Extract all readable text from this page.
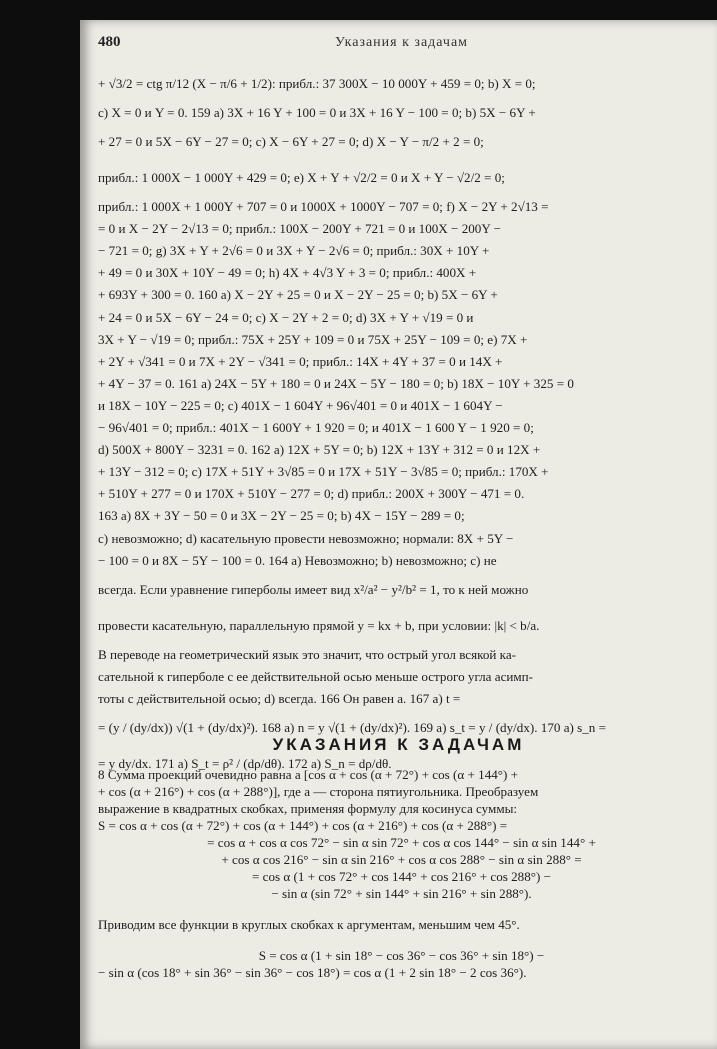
480	Указания к задачам
+ √3/2 = ctg π/12 (X − π/6 + 1/2): прибл.: 37 300X − 10 000Y + 459 = 0; b) X = 0;
c) X = 0 и Y = 0. 159 a) 3X + 16 Y + 100 = 0 и 3X + 16 Y − 100 = 0; b) 5X − 6Y +
+ 27 = 0 и 5X − 6Y − 27 = 0; c) X − 6Y + 27 = 0; d) X − Y − π/2 + 2 = 0;
прибл.: 1 000X − 1 000Y + 429 = 0; e) X + Y + √2/2 = 0 и X + Y − √2/2 = 0;
прибл.: 1 000X + 1 000Y + 707 = 0 и 1000X + 1000Y − 707 = 0; f) X − 2Y + 2√13 =
= 0 и X − 2Y − 2√13 = 0; прибл.: 100X − 200Y + 721 = 0 и 100X − 200Y −
− 721 = 0; g) 3X + Y + 2√6 = 0 и 3X + Y − 2√6 = 0; прибл.: 30X + 10Y +
+ 49 = 0 и 30X + 10Y − 49 = 0; h) 4X + 4√3 Y + 3 = 0; прибл.: 400X +
+ 693Y + 300 = 0. 160 a) X − 2Y + 25 = 0 и X − 2Y − 25 = 0; b) 5X − 6Y +
+ 24 = 0 и 5X − 6Y − 24 = 0; c) X − 2Y + 2 = 0; d) 3X + Y + √19 = 0 и
3X + Y − √19 = 0; прибл.: 75X + 25Y + 109 = 0 и 75X + 25Y − 109 = 0; e) 7X +
+ 2Y + √341 = 0 и 7X + 2Y − √341 = 0; прибл.: 14X + 4Y + 37 = 0 и 14X +
+ 4Y − 37 = 0. 161 a) 24X − 5Y + 180 = 0 и 24X − 5Y − 180 = 0; b) 18X − 10Y + 325 = 0
и 18X − 10Y − 225 = 0; c) 401X − 1 604Y + 96√401 = 0 и 401X − 1 604Y −
− 96√401 = 0; прибл.: 401X − 1 600Y + 1 920 = 0; и 401X − 1 600 Y − 1 920 = 0;
d) 500X + 800Y − 3231 = 0. 162 a) 12X + 5Y = 0; b) 12X + 13Y + 312 = 0 и 12X +
+ 13Y − 312 = 0; c) 17X + 51Y + 3√85 = 0 и 17X + 51Y − 3√85 = 0; прибл.: 170X +
+ 510Y + 277 = 0 и 170X + 510Y − 277 = 0; d) прибл.: 200X + 300Y − 471 = 0.
163 a) 8X + 3Y − 50 = 0 и 3X − 2Y − 25 = 0; b) 4X − 15Y − 289 = 0;
c) невозможно; d) касательную провести невозможно; нормали: 8X + 5Y −
− 100 = 0 и 8X − 5Y − 100 = 0. 164 a) Невозможно; b) невозможно; c) не
всегда. Если уравнение гиперболы имеет вид x²/a² − y²/b² = 1, то к ней можно
провести касательную, параллельную прямой y = kx + b, при условии: |k| < b/a.
В переводе на геометрический язык это значит, что острый угол всякой ка-
сательной к гиперболе с ее действительной осью меньше острого угла асимп-
тоты с действительной осью; d) всегда. 166 Он равен a. 167 a) t =
= (y / (dy/dx)) √(1 + (dy/dx)²). 168 a) n = y √(1 + (dy/dx)²). 169 a) s_t = y / (dy/dx). 170 a) s_n =
= y dy/dx. 171 a) S_t = ρ² / (dρ/dθ). 172 a) S_n = dρ/dθ.
УКАЗАНИЯ К ЗАДАЧАМ
8 Сумма проекций очевидно равна a [cos α + cos (α + 72°) + cos (α + 144°) +
+ cos (α + 216°) + cos (α + 288°)], где a — сторона пятиугольника. Преобразуем
выражение в квадратных скобках, применяя формулу для косинуса суммы:
S = cos α + cos (α + 72°) + cos (α + 144°) + cos (α + 216°) + cos (α + 288°) =
= cos α + cos α cos 72° − sin α sin 72° + cos α cos 144° − sin α sin 144° +
+ cos α cos 216° − sin α sin 216° + cos α cos 288° − sin α sin 288° =
= cos α (1 + cos 72° + cos 144° + cos 216° + cos 288°) −
− sin α (sin 72° + sin 144° + sin 216° + sin 288°).
Приводим все функции в круглых скобках к аргументам, меньшим чем 45°.
S = cos α (1 + sin 18° − cos 36° − cos 36° + sin 18°) −
− sin α (cos 18° + sin 36° − sin 36° − cos 18°) = cos α (1 + 2 sin 18° − 2 cos 36°).
